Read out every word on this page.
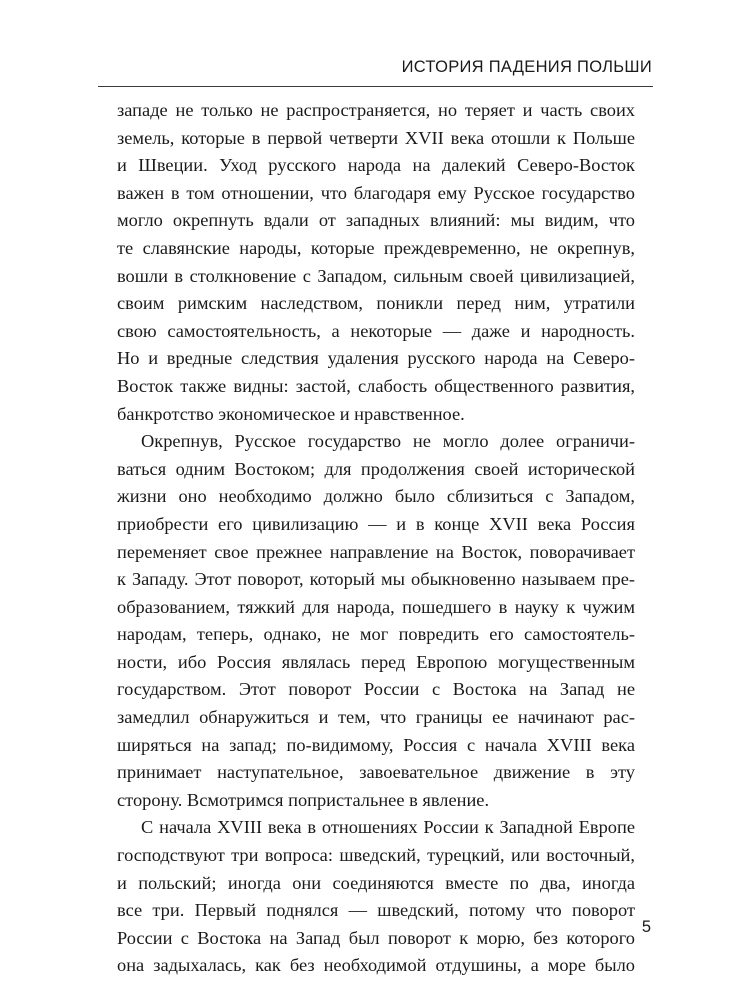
ИСТОРИЯ ПАДЕНИЯ ПОЛЬШИ
западе не только не распространяется, но теряет и часть своих
земель, которые в первой четверти XVII века отошли к Польше
и Швеции. Уход русского народа на далекий Северо-Восток
важен в том отношении, что благодаря ему Русское государство
могло окрепнуть вдали от западных влияний: мы видим, что
те славянские народы, которые преждевременно, не окрепнув,
вошли в столкновение с Западом, сильным своей цивилизацией,
своим римским наследством, поникли перед ним, утратили
свою самостоятельность, а некоторые — даже и народность.
Но и вредные следствия удаления русского народа на Северо-
Восток также видны: застой, слабость общественного развития,
банкротство экономическое и нравственное.
Окрепнув, Русское государство не могло долее ограничи-
ваться одним Востоком; для продолжения своей исторической
жизни оно необходимо должно было сблизиться с Западом,
приобрести его цивилизацию — и в конце XVII века Россия
переменяет свое прежнее направление на Восток, поворачивает
к Западу. Этот поворот, который мы обыкновенно называем пре-
образованием, тяжкий для народа, пошедшего в науку к чужим
народам, теперь, однако, не мог повредить его самостоятель-
ности, ибо Россия являлась перед Европою могущественным
государством. Этот поворот России с Востока на Запад не
замедлил обнаружиться и тем, что границы ее начинают рас-
ширяться на запад; по-видимому, Россия с начала XVIII века
принимает наступательное, завоевательное движение в эту
сторону. Всмотримся попристальнее в явление.
С начала XVIII века в отношениях России к Западной Европе
господствуют три вопроса: шведский, турецкий, или восточный,
и польский; иногда они соединяются вместе по два, иногда
все три. Первый поднялся — шведский, потому что поворот
России с Востока на Запад был поворот к морю, без которого
она задыхалась, как без необходимой отдушины, а море было
5
